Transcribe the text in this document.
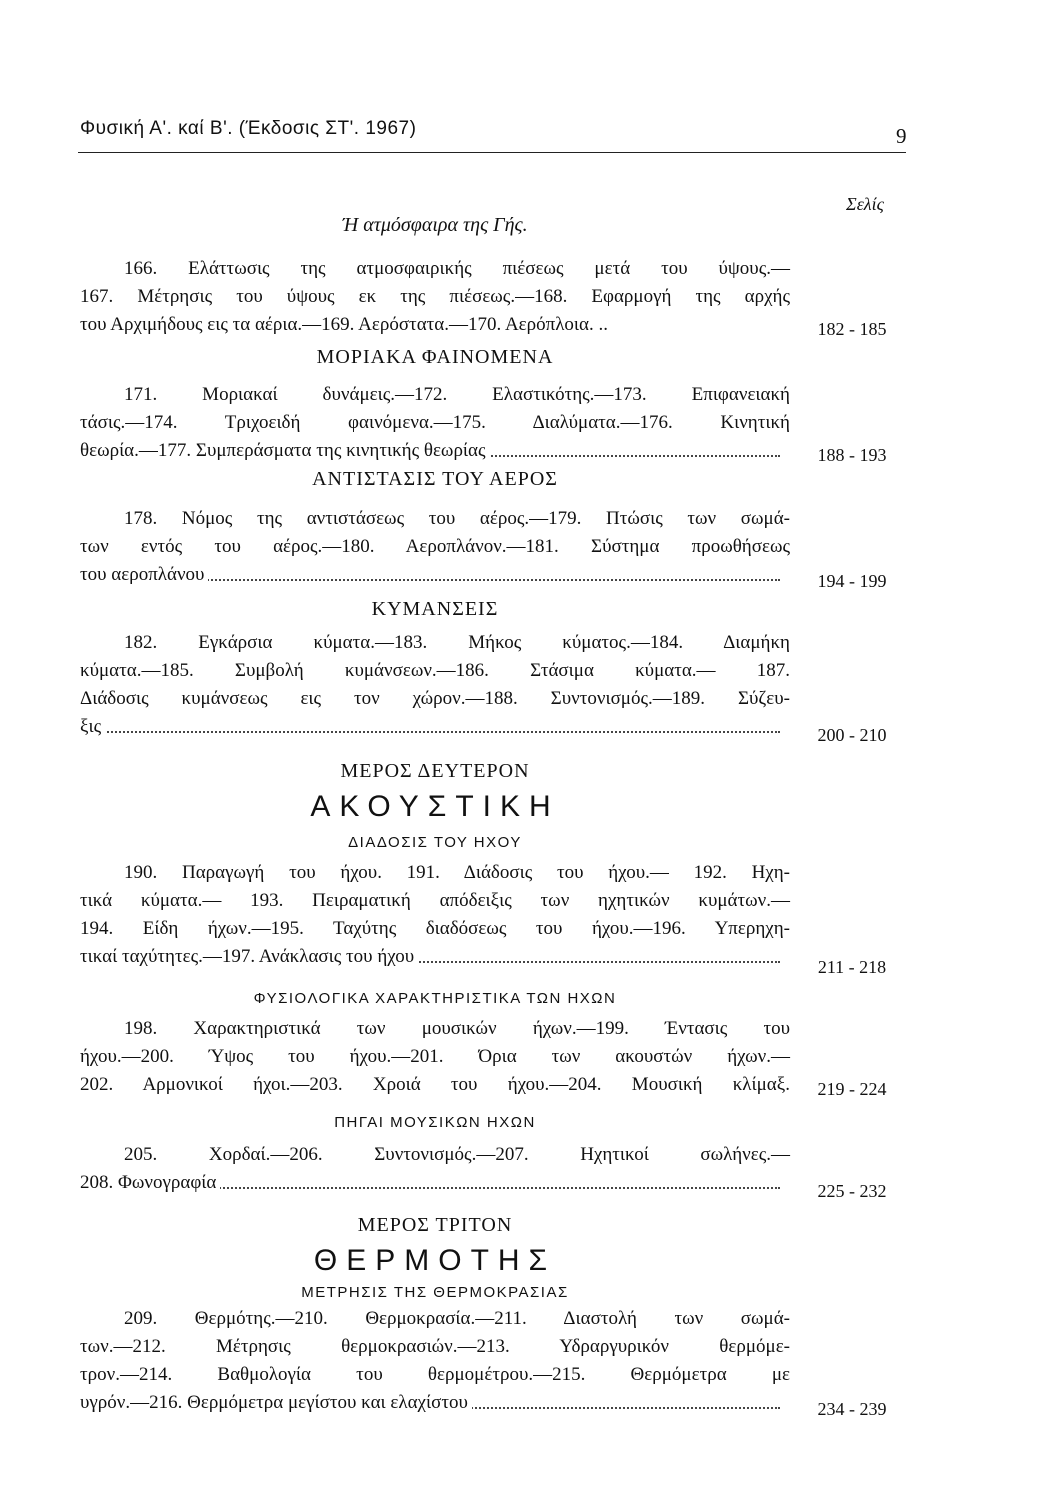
Φυσική Α'. καί Β'. (Έκδοσις ΣΤ'. 1967)	9
Σελίς
Ή ατμόσφαιρα της Γής.
166. Ελάττωσις της ατμοσφαιρικής πιέσεως μετά του ύψους.—
167. Μέτρησις του ύψους εκ της πιέσεως.—168. Εφαρμογή της αρχής
του Αρχιμήδους εις τα αέρια.—169. Αερόστατα.—170. Αερόπλοια. ..	182 - 185
ΜΟΡΙΑΚΑ ΦΑΙΝΟΜΕΝΑ
171. Μοριακαί δυνάμεις.—172. Ελαστικότης.—173. Επιφανειακή
τάσις.—174. Τριχοειδή φαινόμενα.—175. Διαλύματα.—176. Κινητική
θεωρία.—177. Συμπεράσματα της κινητικής θεωρίας	188 - 193
ΑΝΤΙΣΤΑΣΙΣ ΤΟΥ ΑΕΡΟΣ
178. Νόμος της αντιστάσεως του αέρος.—179. Πτώσις των σωμά-
των εντός του αέρος.—180. Αεροπλάνον.—181. Σύστημα προωθήσεως
του αεροπλάνου	194 - 199
ΚΥΜΑΝΣΕΙΣ
182. Εγκάρσια κύματα.—183. Μήκος κύματος.—184. Διαμήκη
κύματα.—185. Συμβολή κυμάνσεων.—186. Στάσιμα κύματα.— 187.
Διάδοσις κυμάνσεως εις τον χώρον.—188. Συντονισμός.—189. Σύζευ-
ξις	200 - 210
ΜΕΡΟΣ ΔΕΥΤΕΡΟΝ
ΑΚΟΥΣΤΙΚΗ
ΔΙΑΔΟΣΙΣ ΤΟΥ ΗΧΟΥ
190. Παραγωγή του ήχου. 191. Διάδοσις του ήχου.— 192. Ηχη-
τικά κύματα.— 193. Πειραματική απόδειξις των ηχητικών κυμάτων.—
194. Είδη ήχων.—195. Ταχύτης διαδόσεως του ήχου.—196. Υπερηχη-
τικαί ταχύτητες.—197. Ανάκλασις του ήχου	211 - 218
ΦΥΣΙΟΛΟΓΙΚΑ ΧΑΡΑΚΤΗΡΙΣΤΙΚΑ ΤΩΝ ΗΧΩΝ
198. Χαρακτηριστικά των μουσικών ήχων.—199. Έντασις του
ήχου.—200. Ύψος του ήχου.—201. Όρια των ακουστών ήχων.—
202. Αρμονικοί ήχοι.—203. Χροιά του ήχου.—204. Μουσική κλίμαξ.	219 - 224
ΠΗΓΑΙ ΜΟΥΣΙΚΩΝ ΗΧΩΝ
205. Χορδαί.—206. Συντονισμός.—207. Ηχητικοί σωλήνες.—
208. Φωνογραφία	225 - 232
ΜΕΡΟΣ ΤΡΙΤΟΝ
ΘΕΡΜΟΤΗΣ
ΜΕΤΡΗΣΙΣ ΤΗΣ ΘΕΡΜΟΚΡΑΣΙΑΣ
209. Θερμότης.—210. Θερμοκρασία.—211. Διαστολή των σωμά-
των.—212. Μέτρησις θερμοκρασιών.—213. Υδραργυρικόν θερμόμε-
τρον.—214. Βαθμολογία του θερμομέτρου.—215. Θερμόμετρα με
υγρόν.—216. Θερμόμετρα μεγίστου και ελαχίστου	234 - 239
